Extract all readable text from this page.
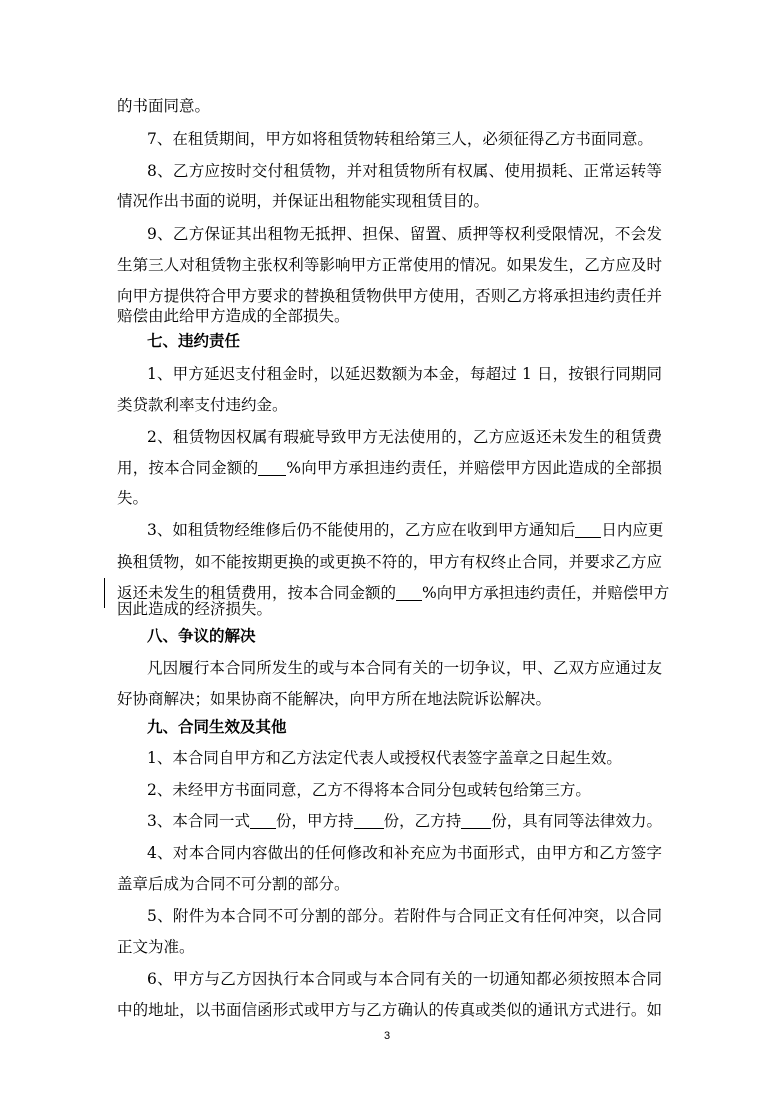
的书面同意。
7、在租赁期间，甲方如将租赁物转租给第三人，必须征得乙方书面同意。
8、乙方应按时交付租赁物，并对租赁物所有权属、使用损耗、正常运转等
情况作出书面的说明，并保证出租物能实现租赁目的。
9、乙方保证其出租物无抵押、担保、留置、质押等权利受限情况，不会发
生第三人对租赁物主张权利等影响甲方正常使用的情况。如果发生，乙方应及时
向甲方提供符合甲方要求的替换租赁物供甲方使用，否则乙方将承担违约责任并
赔偿由此给甲方造成的全部损失。
七、违约责任
1、甲方延迟支付租金时，以延迟数额为本金，每超过 1 日，按银行同期同
类贷款利率支付违约金。
2、租赁物因权属有瑕疵导致甲方无法使用的，乙方应返还未发生的租赁费
用，按本合同金额的 %向甲方承担违约责任，并赔偿甲方因此造成的全部损
失。
3、如租赁物经维修后仍不能使用的，乙方应在收到甲方通知后 日内应更
换租赁物，如不能按期更换的或更换不符的，甲方有权终止合同，并要求乙方应
返还未发生的租赁费用，按本合同金额的 %向甲方承担违约责任，并赔偿甲方
因此造成的经济损失。
八、争议的解决
凡因履行本合同所发生的或与本合同有关的一切争议，甲、乙双方应通过友
好协商解决；如果协商不能解决，向甲方所在地法院诉讼解决。
九、合同生效及其他
1、本合同自甲方和乙方法定代表人或授权代表签字盖章之日起生效。
2、未经甲方书面同意，乙方不得将本合同分包或转包给第三方。
3、本合同一式 份，甲方持 份，乙方持 份，具有同等法律效力。
4、对本合同内容做出的任何修改和补充应为书面形式，由甲方和乙方签字
盖章后成为合同不可分割的部分。
5、附件为本合同不可分割的部分。若附件与合同正文有任何冲突，以合同
正文为准。
6、甲方与乙方因执行本合同或与本合同有关的一切通知都必须按照本合同
中的地址，以书面信函形式或甲方与乙方确认的传真或类似的通讯方式进行。如
3
